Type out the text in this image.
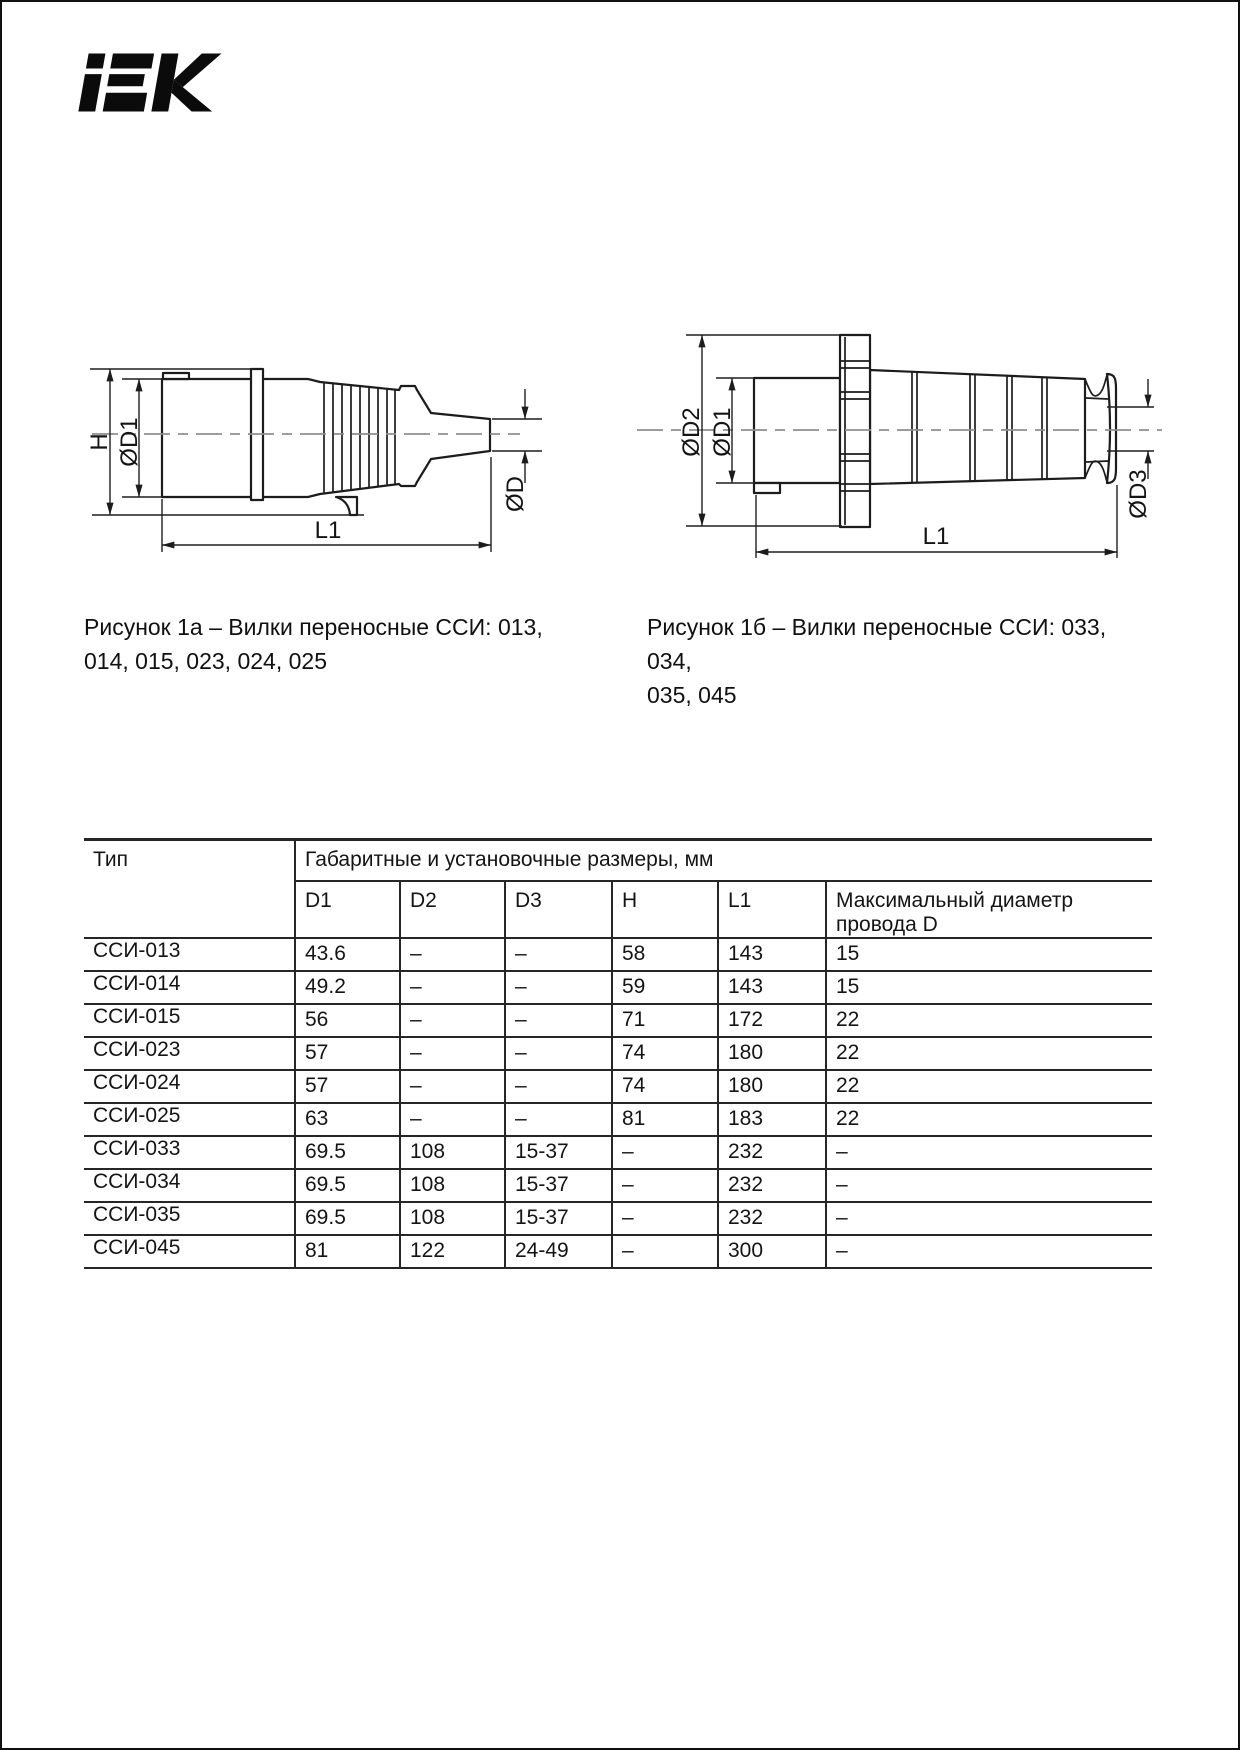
H ØD1
ØD
L1
ØD2 ØD1
ØD3
L1
Рисунок 1а – Вилки переносные ССИ: 013,
014, 015, 023, 024, 025
Рисунок 1б – Вилки переносные ССИ: 033, 034,
035, 045
Тип	Габаритные и установочные размеры, мм					
	D1	D2	D3	H	L1	Максимальный диаметр провода D
ССИ-013	43.6	–	–	58	143	15
ССИ-014	49.2	–	–	59	143	15
ССИ-015	56	–	–	71	172	22
ССИ-023	57	–	–	74	180	22
ССИ-024	57	–	–	74	180	22
ССИ-025	63	–	–	81	183	22
ССИ-033	69.5	108	15-37	–	232	–
ССИ-034	69.5	108	15-37	–	232	–
ССИ-035	69.5	108	15-37	–	232	–
ССИ-045	81	122	24-49	–	300	–
